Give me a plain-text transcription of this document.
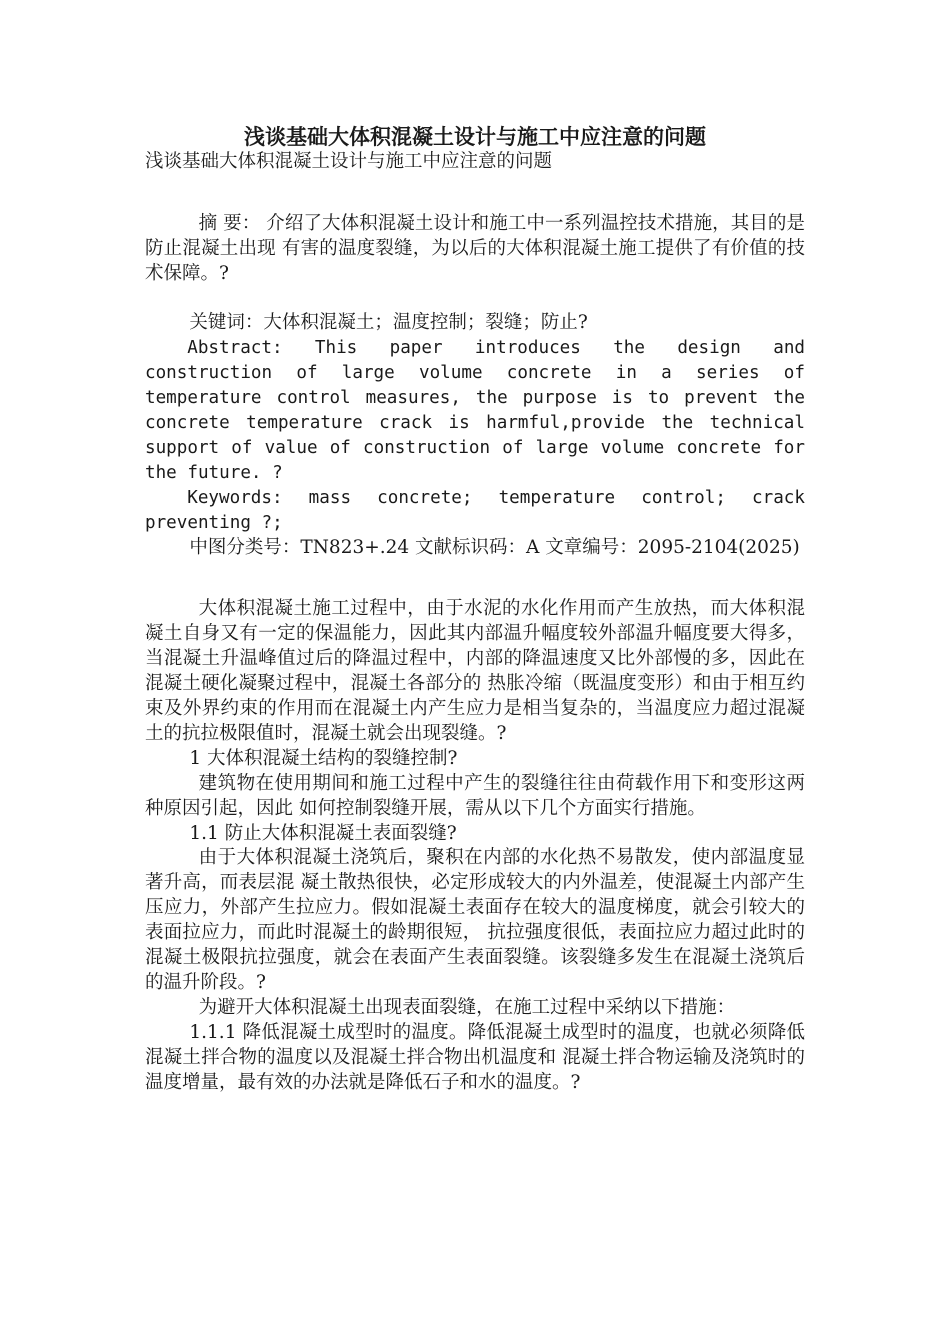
浅谈基础大体积混凝土设计与施工中应注意的问题

浅谈基础大体积混凝土设计与施工中应注意的问题

摘 要： 介绍了大体积混凝土设计和施工中一系列温控技术措施，其目的是防止混凝土出现 有害的温度裂缝，为以后的大体积混凝土施工提供了有价值的技术保障。?

关键词：大体积混凝土；温度控制；裂缝；防止?

Abstract: This paper introduces the design and construction of large volume concrete in a series of temperature control measures, the purpose is to prevent the concrete temperature crack is harmful,provide the technical support of value of construction of large volume concrete for the future. ?

Keywords: mass concrete; temperature control; crack preventing ?;

中图分类号：TN823+.24 文献标识码：A 文章编号：2095-2104(2025)

大体积混凝土施工过程中，由于水泥的水化作用而产生放热，而大体积混凝土自身又有一定的保温能力，因此其内部温升幅度较外部温升幅度要大得多，当混凝土升温峰值过后的降温过程中，内部的降温速度又比外部慢的多，因此在混凝土硬化凝聚过程中，混凝土各部分的 热胀冷缩（既温度变形）和由于相互约束及外界约束的作用而在混凝土内产生应力是相当复杂的，当温度应力超过混凝土的抗拉极限值时，混凝土就会出现裂缝。?

1 大体积混凝土结构的裂缝控制?

建筑物在使用期间和施工过程中产生的裂缝往往由荷载作用下和变形这两种原因引起，因此 如何控制裂缝开展，需从以下几个方面实行措施。

1.1 防止大体积混凝土表面裂缝?

由于大体积混凝土浇筑后，聚积在内部的水化热不易散发，使内部温度显著升高，而表层混 凝土散热很快，必定形成较大的内外温差，使混凝土内部产生压应力，外部产生拉应力。假如混凝土表面存在较大的温度梯度，就会引较大的表面拉应力，而此时混凝土的龄期很短， 抗拉强度很低，表面拉应力超过此时的混凝土极限抗拉强度，就会在表面产生表面裂缝。该裂缝多发生在混凝土浇筑后的温升阶段。?

为避开大体积混凝土出现表面裂缝，在施工过程中采纳以下措施：

1.1.1 降低混凝土成型时的温度。降低混凝土成型时的温度，也就必须降低混凝土拌合物的温度以及混凝土拌合物出机温度和 混凝土拌合物运输及浇筑时的温度增量，最有效的办法就是降低石子和水的温度。?
